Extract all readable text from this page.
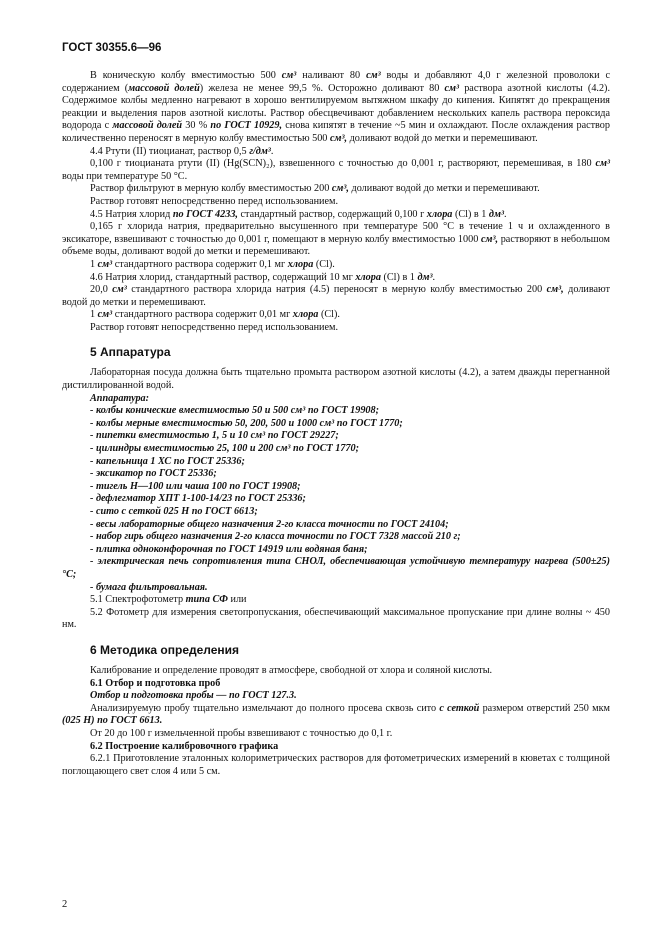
ГОСТ 30355.6—96

В коническую колбу вместимостью 500 см³ наливают 80 см³ воды и добавляют 4,0 г железной проволоки с содержанием (массовой долей) железа не менее 99,5 %. Осторожно доливают 80 см³ раствора азотной кислоты (4.2). Содержимое колбы медленно нагревают в хорошо вентилируемом вытяжном шкафу до кипения. Кипятят до прекращения реакции и выделения паров азотной кислоты. Раствор обесцвечивают добавлением нескольких капель раствора пероксида водорода с массовой долей 30 % по ГОСТ 10929, снова кипятят в течение ~5 мин и охлаждают. После охлаждения раствор количественно переносят в мерную колбу вместимостью 500 см³, доливают водой до метки и перемешивают.

4.4 Ртути (II) тиоцианат, раствор 0,5 г/дм³.

0,100 г тиоцианата ртути (II) (Hg(SCN)₂), взвешенного с точностью до 0,001 г, растворяют, перемешивая, в 180 см³ воды при температуре 50 °C.

Раствор фильтруют в мерную колбу вместимостью 200 см³, доливают водой до метки и перемешивают.

Раствор готовят непосредственно перед использованием.

4.5 Натрия хлорид по ГОСТ 4233, стандартный раствор, содержащий 0,100 г хлора (Cl) в 1 дм³.

0,165 г хлорида натрия, предварительно высушенного при температуре 500 °C в течение 1 ч и охлажденного в эксикаторе, взвешивают с точностью до 0,001 г, помещают в мерную колбу вместимостью 1000 см³, растворяют в небольшом объеме воды, доливают водой до метки и перемешивают.

1 см³ стандартного раствора содержит 0,1 мг хлора (Cl).

4.6 Натрия хлорид, стандартный раствор, содержащий 10 мг хлора (Cl) в 1 дм³.

20,0 см³ стандартного раствора хлорида натрия (4.5) переносят в мерную колбу вместимостью 200 см³, доливают водой до метки и перемешивают.

1 см³ стандартного раствора содержит 0,01 мг хлора (Cl).

Раствор готовят непосредственно перед использованием.

5 Аппаратура

Лабораторная посуда должна быть тщательно промыта раствором азотной кислоты (4.2), а затем дважды перегнанной дистиллированной водой.

Аппаратура:

- колбы конические вместимостью 50 и 500 см³ по ГОСТ 19908;

- колбы мерные вместимостью 50, 200, 500 и 1000 см³ по ГОСТ 1770;

- пипетки вместимостью 1, 5 и 10 см³ по ГОСТ 29227;

- цилиндры вместимостью 25, 100 и 200 см³ по ГОСТ 1770;

- капельница 1 ХС по ГОСТ 25336;

- эксикатор по ГОСТ 25336;

- тигель Н—100 или чаша 100 по ГОСТ 19908;

- дефлегматор ХПТ 1-100-14/23 по ГОСТ 25336;

- сито с сеткой 025 Н по ГОСТ 6613;

- весы лабораторные общего назначения 2-го класса точности по ГОСТ 24104;

- набор гирь общего назначения 2-го класса точности по ГОСТ 7328 массой 210 г;

- плитка одноконфорочная по ГОСТ 14919 или водяная баня;

- электрическая печь сопротивления типа СНОЛ, обеспечивающая устойчивую температуру нагрева (500±25) °C;

- бумага фильтровальная.

5.1 Спектрофотометр типа СФ или

5.2 Фотометр для измерения светопропускания, обеспечивающий максимальное пропускание при длине волны ~ 450 нм.

6 Методика определения

Калибрование и определение проводят в атмосфере, свободной от хлора и соляной кислоты.

6.1 Отбор и подготовка проб

Отбор и подготовка пробы — по ГОСТ 127.3.

Анализируемую пробу тщательно измельчают до полного просева сквозь сито с сеткой размером отверстий 250 мкм (025 Н) по ГОСТ 6613.

От 20 до 100 г измельченной пробы взвешивают с точностью до 0,1 г.

6.2 Построение калибровочного графика

6.2.1 Приготовление эталонных колориметрических растворов для фотометрических измерений в кюветах с толщиной поглощающего свет слоя 4 или 5 см.

2
